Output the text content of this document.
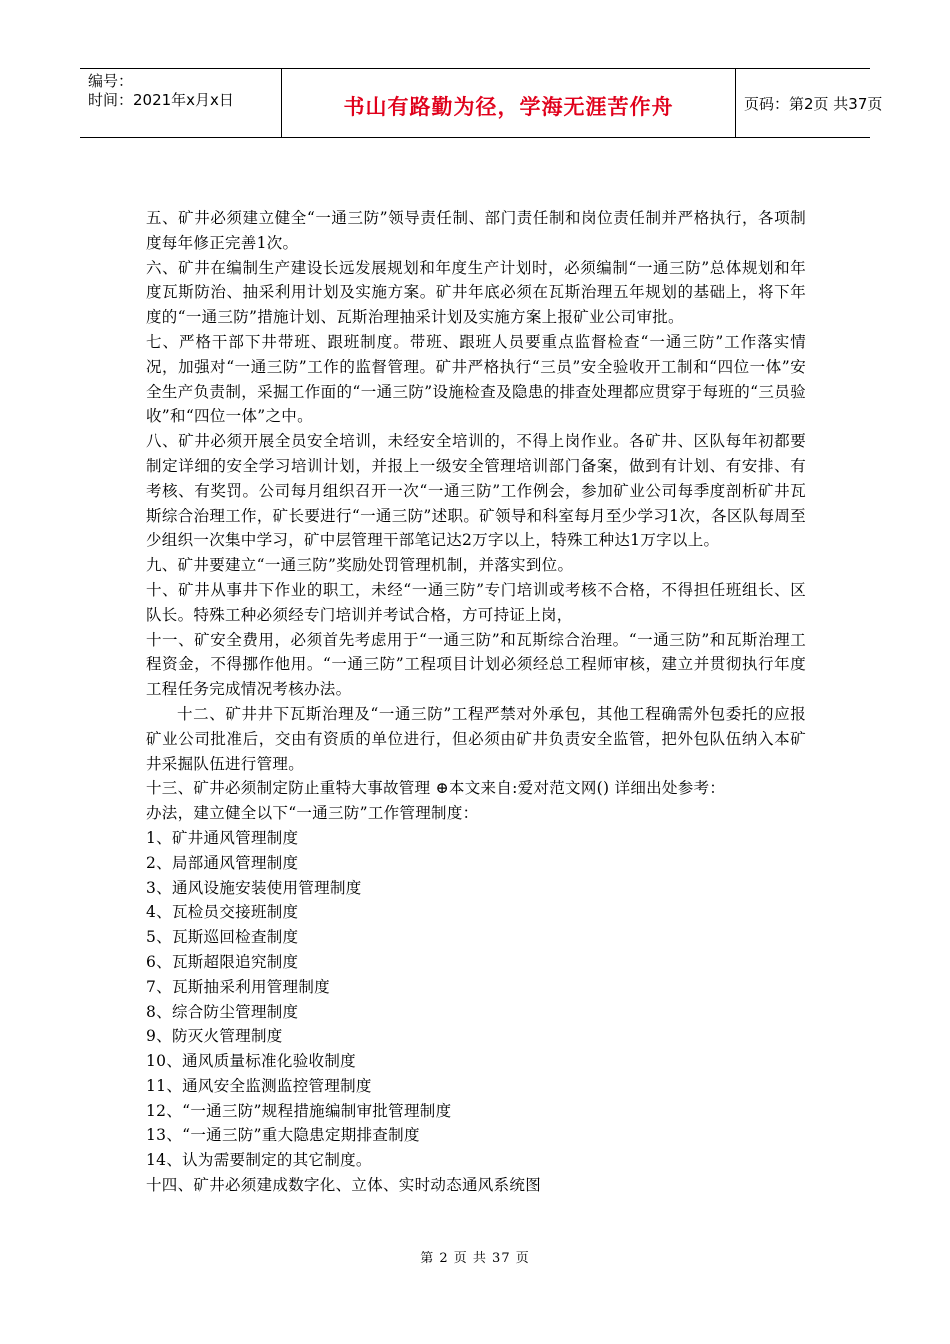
编号：
时间：2021年x月x日	书山有路勤为径，学海无涯苦作舟	页码：第2页 共37页

五、矿井必须建立健全“一通三防”领导责任制、部门责任制和岗位责任制并严格执行，各项制度每年修正完善1次。

六、矿井在编制生产建设长远发展规划和年度生产计划时，必须编制“一通三防”总体规划和年度瓦斯防治、抽采利用计划及实施方案。矿井年底必须在瓦斯治理五年规划的基础上，将下年度的“一通三防”措施计划、瓦斯治理抽采计划及实施方案上报矿业公司审批。

七、严格干部下井带班、跟班制度。带班、跟班人员要重点监督检查“一通三防”工作落实情况，加强对“一通三防”工作的监督管理。矿井严格执行“三员”安全验收开工制和“四位一体”安全生产负责制，采掘工作面的“一通三防”设施检查及隐患的排查处理都应贯穿于每班的“三员验收”和“四位一体”之中。

八、矿井必须开展全员安全培训，未经安全培训的，不得上岗作业。各矿井、区队每年初都要制定详细的安全学习培训计划，并报上一级安全管理培训部门备案，做到有计划、有安排、有考核、有奖罚。公司每月组织召开一次“一通三防”工作例会，参加矿业公司每季度剖析矿井瓦斯综合治理工作，矿长要进行“一通三防”述职。矿领导和科室每月至少学习1次，各区队每周至少组织一次集中学习，矿中层管理干部笔记达2万字以上，特殊工种达1万字以上。

九、矿井要建立“一通三防”奖励处罚管理机制，并落实到位。

十、矿井从事井下作业的职工，未经“一通三防”专门培训或考核不合格，不得担任班组长、区队长。特殊工种必须经专门培训并考试合格，方可持证上岗，

十一、矿安全费用，必须首先考虑用于“一通三防”和瓦斯综合治理。“一通三防”和瓦斯治理工程资金，不得挪作他用。“一通三防”工程项目计划必须经总工程师审核，建立并贯彻执行年度工程任务完成情况考核办法。

十二、矿井井下瓦斯治理及“一通三防”工程严禁对外承包，其他工程确需外包委托的应报矿业公司批准后，交由有资质的单位进行，但必须由矿井负责安全监管，把外包队伍纳入本矿井采掘队伍进行管理。

十三、矿井必须制定防止重特大事故管理 ⊕本文来自:爱对范文网() 详细出处参考：

办法，建立健全以下“一通三防”工作管理制度：

1、矿井通风管理制度

2、局部通风管理制度

3、通风设施安装使用管理制度

4、瓦检员交接班制度

5、瓦斯巡回检查制度

6、瓦斯超限追究制度

7、瓦斯抽采利用管理制度

8、综合防尘管理制度

9、防灭火管理制度

10、通风质量标准化验收制度

11、通风安全监测监控管理制度

12、“一通三防”规程措施编制审批管理制度

13、“一通三防”重大隐患定期排查制度

14、认为需要制定的其它制度。

十四、矿井必须建成数字化、立体、实时动态通风系统图

第 2 页 共 37 页
